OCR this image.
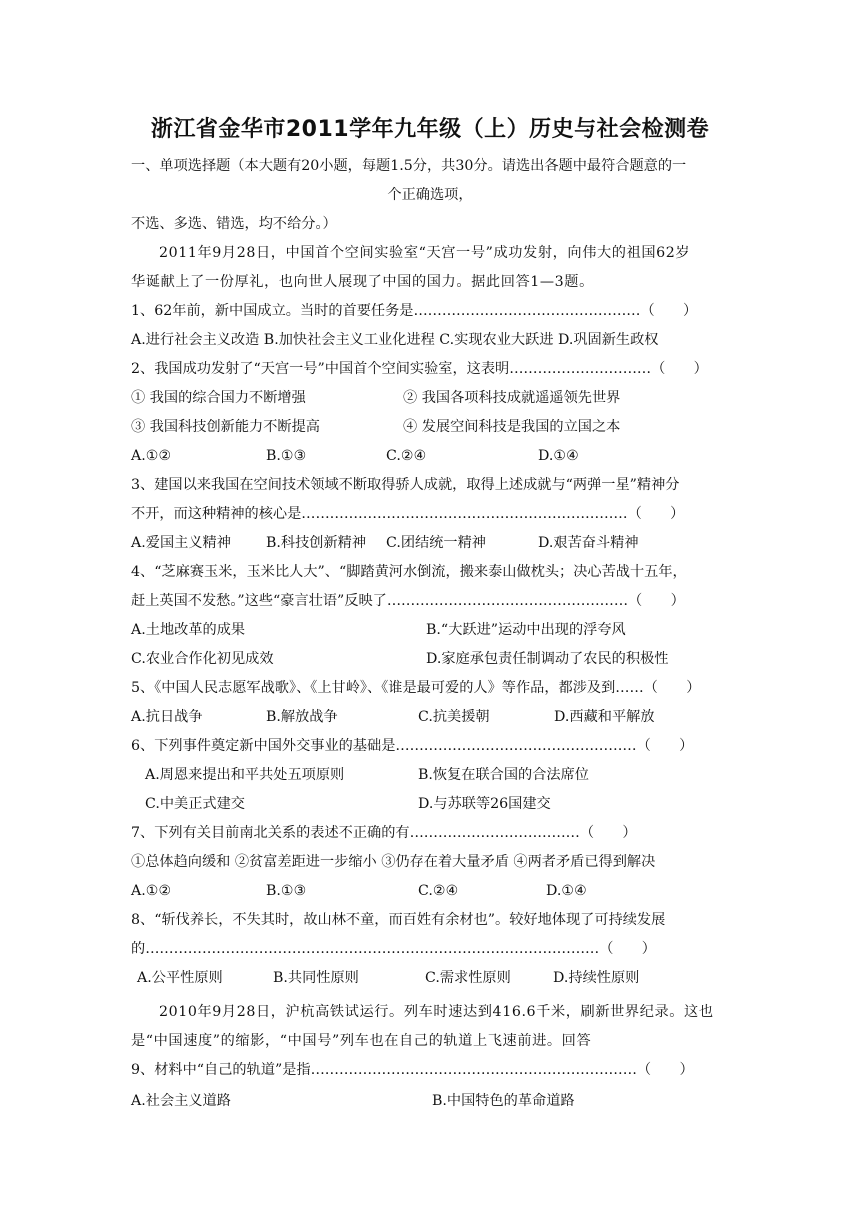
浙江省金华市2011学年九年级（上）历史与社会检测卷
一、单项选择题（本大题有20小题，每题1.5分，共30分。请选出各题中最符合题意的一
个正确选项，
不选、多选、错选，均不给分。）
2011年9月28日，中国首个空间实验室“天宫一号”成功发射，向伟大的祖国62岁
华诞献上了一份厚礼，也向世人展现了中国的国力。据此回答1—3题。
1、62年前，新中国成立。当时的首要任务是…………………………………………（　　）
A.进行社会主义改造 B.加快社会主义工业化进程 C.实现农业大跃进 D.巩固新生政权
2、我国成功发射了“天宫一号”中国首个空间实验室，这表明…………………………（　　）
① 我国的综合国力不断增强	② 我国各项科技成就遥遥领先世界
③ 我国科技创新能力不断提高	④ 发展空间科技是我国的立国之本
A.①②	B.①③	C.②④	D.①④
3、建国以来我国在空间技术领域不断取得骄人成就，取得上述成就与“两弹一星”精神分
不开，而这种精神的核心是……………………………………………………………（　　）
A.爱国主义精神 B.科技创新精神 C.团结统一精神	D.艰苦奋斗精神
4、“芝麻赛玉米，玉米比人大”、“脚踏黄河水倒流，搬来泰山做枕头；决心苦战十五年，
赶上英国不发愁。”这些“豪言壮语”反映了……………………………………………（　　）
A.土地改革的成果	B.“大跃进”运动中出现的浮夸风
C.农业合作化初见成效	D.家庭承包责任制调动了农民的积极性
5、《中国人民志愿军战歌》、《上甘岭》、《谁是最可爱的人》等作品，都涉及到……（　　）
A.抗日战争	B.解放战争	C.抗美援朝	D.西藏和平解放
6、下列事件奠定新中国外交事业的基础是……………………………………………（　　）
A.周恩来提出和平共处五项原则	B.恢复在联合国的合法席位
C.中美正式建交	D.与苏联等26国建交
7、下列有关目前南北关系的表述不正确的有………………………………（　　）
①总体趋向缓和 ②贫富差距进一步缩小 ③仍存在着大量矛盾 ④两者矛盾已得到解决
A.①②	B.①③	C.②④	D.①④
8、“斩伐养长，不失其时，故山林不童，而百姓有余材也”。较好地体现了可持续发展
的……………………………………………………………………………………（　　）
A.公平性原则	B.共同性原则	C.需求性原则	D.持续性原则
2010年9月28日，沪杭高铁试运行。列车时速达到416.6千米，刷新世界纪录。这也
是“中国速度”的缩影，“中国号”列车也在自己的轨道上飞速前进。回答
9、材料中“自己的轨道”是指……………………………………………………………（　　）
A.社会主义道路	B.中国特色的革命道路
